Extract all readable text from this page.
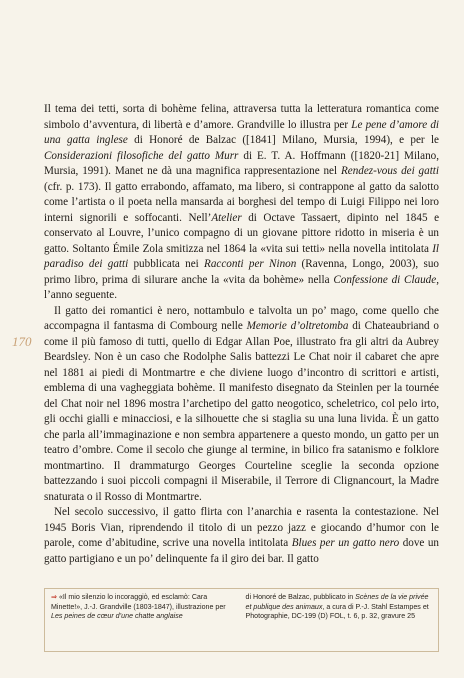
170

Il tema dei tetti, sorta di bohème felina, attraversa tutta la letteratura romantica come simbolo d’avventura, di libertà e d’amore. Grandville lo illustra per Le pene d’amore di una gatta inglese di Honoré de Balzac ([1841] Milano, Mursia, 1994), e per le Considerazioni filosofiche del gatto Murr di E. T. A. Hoffmann ([1820-21] Milano, Mursia, 1991). Manet ne dà una magnifica rappresentazione nel Rendez-vous dei gatti (cfr. p. 173). Il gatto errabondo, affamato, ma libero, si contrappone al gatto da salotto come l’artista o il poeta nella mansarda ai borghesi del tempo di Luigi Filippo nei loro interni signorili e soffocanti. Nell’Atelier di Octave Tassaert, dipinto nel 1845 e conservato al Louvre, l’unico compagno di un giovane pittore ridotto in miseria è un gatto. Soltanto Émile Zola smitizza nel 1864 la «vita sui tetti» nella novella intitolata Il paradiso dei gatti pubblicata nei Racconti per Ninon (Ravenna, Longo, 2003), suo primo libro, prima di silurare anche la «vita da bohème» nella Confessione di Claude, l’anno seguente.

Il gatto dei romantici è nero, nottambulo e talvolta un po’ mago, come quello che accompagna il fantasma di Combourg nelle Memorie d’oltretomba di Chateaubriand o come il più famoso di tutti, quello di Edgar Allan Poe, illustrato fra gli altri da Aubrey Beardsley. Non è un caso che Rodolphe Salis battezzi Le Chat noir il cabaret che apre nel 1881 ai piedi di Montmartre e che diviene luogo d’incontro di scrittori e artisti, emblema di una vagheggiata bohème. Il manifesto disegnato da Steinlen per la tournée del Chat noir nel 1896 mostra l’archetipo del gatto neogotico, scheletrico, col pelo irto, gli occhi gialli e minacciosi, e la silhouette che si staglia su una luna livida. È un gatto che parla all’immaginazione e non sembra appartenere a questo mondo, un gatto per un teatro d’ombre. Come il secolo che giunge al termine, in bilico fra satanismo e folklore montmartino. Il drammaturgo Georges Courteline sceglie la seconda opzione battezzando i suoi piccoli compagni il Miserabile, il Terrore di Clignancourt, la Madre snaturata o il Rosso di Montmartre.

Nel secolo successivo, il gatto flirta con l’anarchia e rasenta la contestazione. Nel 1945 Boris Vian, riprendendo il titolo di un pezzo jazz e giocando d’humor con le parole, come d’abitudine, scrive una novella intitolata Blues per un gatto nero dove un gatto partigiano e un po’ delinquente fa il giro dei bar. Il gatto

⇒ «Il mio silenzio lo incoraggiò, ed esclamò: Cara Minette!», J.-J. Grandville (1803-1847), illustrazione per Les peines de cœur d’une chatte anglaise
di Honoré de Balzac, pubblicato in Scènes de la vie privée et publique des animaux, a cura di P.-J. Stahl Estampes et Photographie, DC-199 (D) FOL, t. 6, p. 32, gravure 25
